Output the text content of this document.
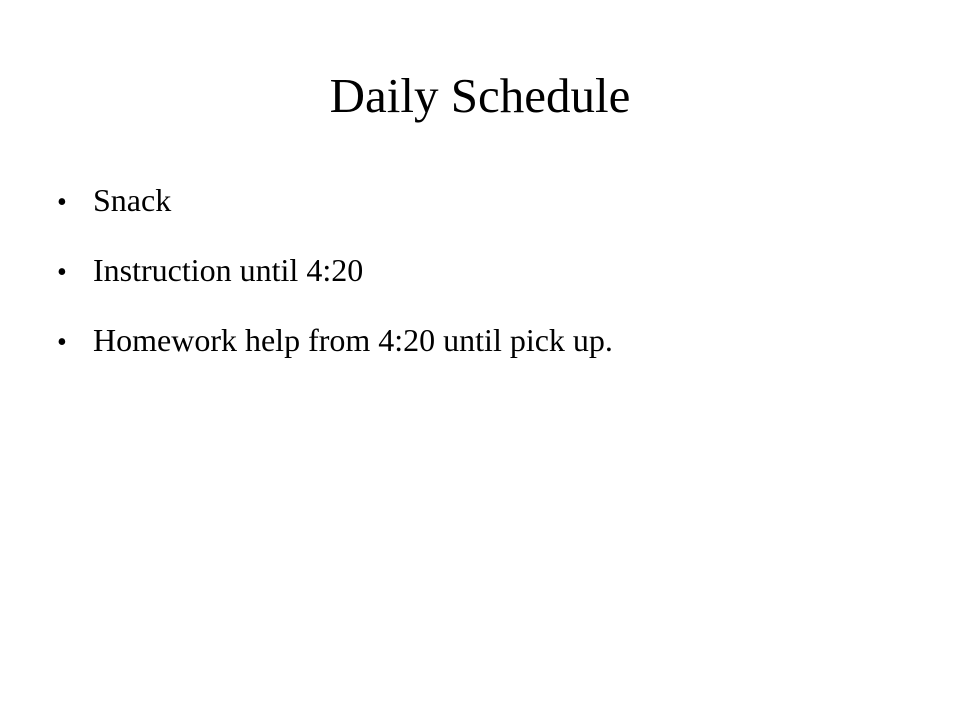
Daily Schedule
• Snack
• Instruction until 4:20
• Homework help from 4:20 until pick up.
